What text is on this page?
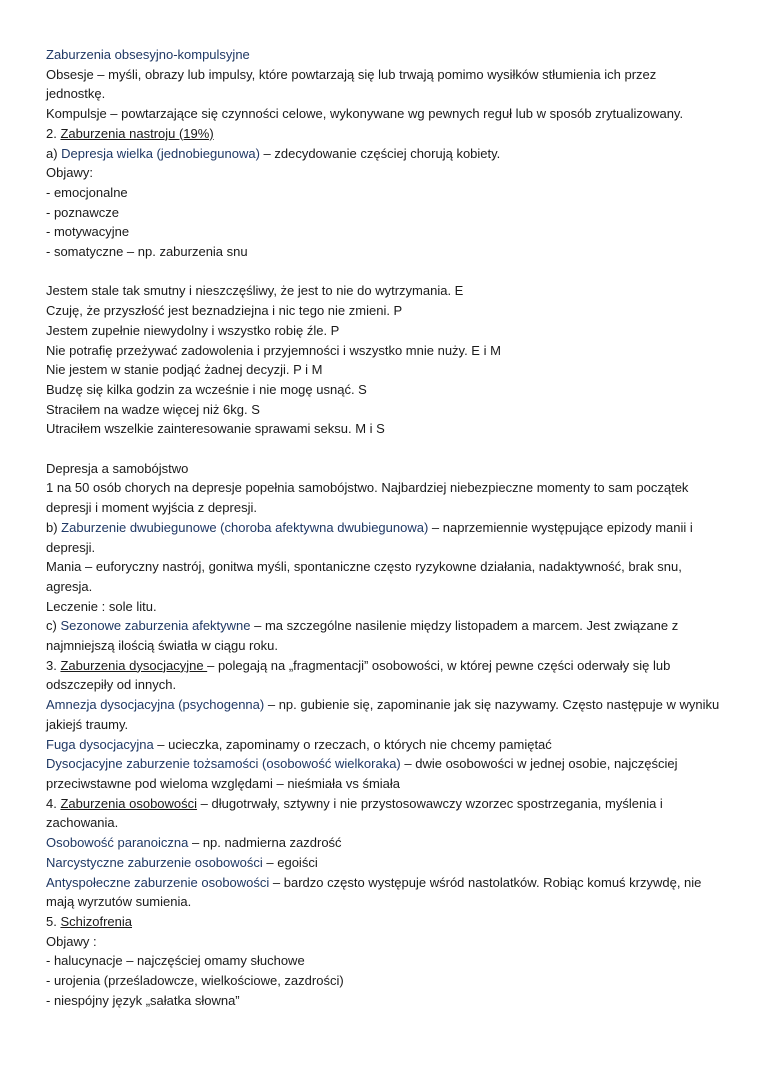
Zaburzenia obsesyjno-kompulsyjne
Obsesje – myśli, obrazy lub impulsy, które powtarzają się lub trwają pomimo wysiłków stłumienia ich przez
jednostkę.
Kompulsje – powtarzające się czynności celowe, wykonywane wg pewnych reguł lub w sposób zrytualizowany.
2. Zaburzenia nastroju (19%)
a) Depresja wielka (jednobiegunowa) – zdecydowanie częściej chorują kobiety.
Objawy:
- emocjonalne
- poznawcze
- motywacyjne
- somatyczne – np. zaburzenia snu
Jestem stale tak smutny i nieszczęśliwy, że jest to nie do wytrzymania. E
Czuję, że przyszłość jest beznadziejna i nic tego nie zmieni. P
Jestem zupełnie niewydolny i wszystko robię źle. P
Nie potrafię przeżywać zadowolenia i przyjemności i wszystko mnie nuży. E i M
Nie jestem w stanie podjąć żadnej decyzji. P i M
Budzę się kilka godzin za wcześnie i nie mogę usnąć. S
Straciłem na wadze więcej niż 6kg. S
Utraciłem wszelkie zainteresowanie sprawami seksu. M i S
Depresja a samobójstwo
1 na 50 osób chorych na depresje popełnia samobójstwo. Najbardziej niebezpieczne momenty to sam początek
depresji i moment wyjścia z depresji.
b) Zaburzenie dwubiegunowe (choroba afektywna dwubiegunowa) – naprzemiennie występujące epizody manii i
depresji.
Mania – euforyczny nastrój, gonitwa myśli, spontaniczne często ryzykowne działania, nadaktywność, brak snu,
agresja.
Leczenie : sole litu.
c) Sezonowe zaburzenia afektywne – ma szczególne nasilenie między listopadem a marcem. Jest związane z
najmniejszą ilością światła w ciągu roku.
3. Zaburzenia dysocjacyjne – polegają na „fragmentacji” osobowości, w której pewne części oderwały się lub
odszczepiły od innych.
Amnezja dysocjacyjna (psychogenna) – np. gubienie się, zapominanie jak się nazywamy. Często następuje w wyniku
jakiejś traumy.
Fuga dysocjacyjna – ucieczka, zapominamy o rzeczach, o których nie chcemy pamiętać
Dysocjacyjne zaburzenie tożsamości (osobowość wielkoraka) – dwie osobowości w jednej osobie, najczęściej
przeciwstawne pod wieloma względami – nieśmiała vs śmiała
4. Zaburzenia osobowości – długotrwały, sztywny i nie przystosowawczy wzorzec spostrzegania, myślenia i
zachowania.
Osobowość paranoiczna – np. nadmierna zazdrość
Narcystyczne zaburzenie osobowości – egoiści
Antyspołeczne zaburzenie osobowości – bardzo często występuje wśród nastolatków. Robiąc komuś krzywdę, nie
mają wyrzutów sumienia.
5. Schizofrenia
Objawy :
- halucynacje – najczęściej omamy słuchowe
- urojenia (prześladowcze, wielkościowe, zazdrości)
- niespójny język „sałatka słowna”
